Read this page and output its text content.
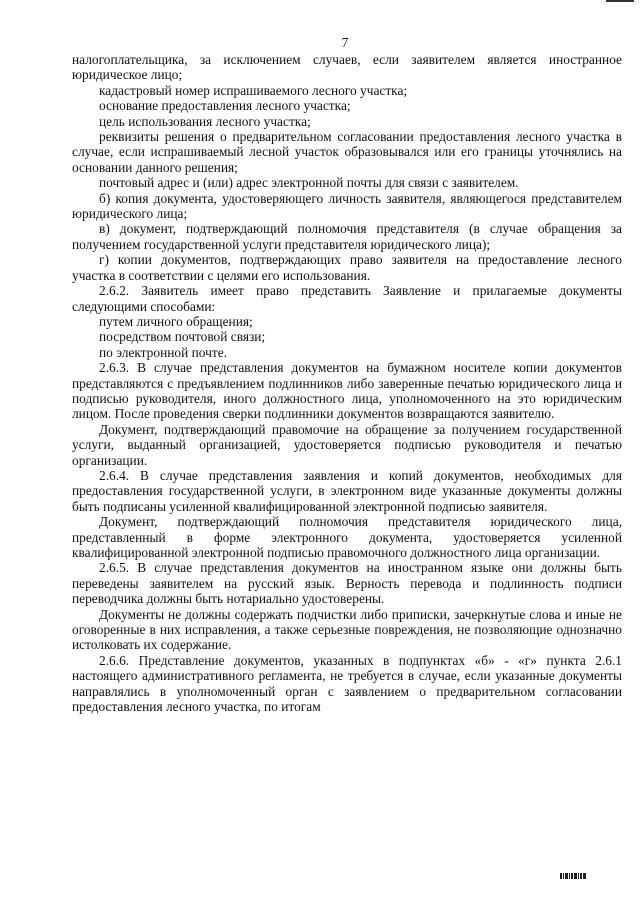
7

налогоплательщика, за исключением случаев, если заявителем является иностранное юридическое лицо;

кадастровый номер испрашиваемого лесного участка;

основание предоставления лесного участка;

цель использования лесного участка;

реквизиты решения о предварительном согласовании предоставления лесного участка в случае, если испрашиваемый лесной участок образовывался или его границы уточнялись на основании данного решения;

почтовый адрес и (или) адрес электронной почты для связи с заявителем.

б) копия документа, удостоверяющего личность заявителя, являющегося представителем юридического лица;

в) документ, подтверждающий полномочия представителя (в случае обращения за получением государственной услуги представителя юридического лица);

г) копии документов, подтверждающих право заявителя на предоставление лесного участка в соответствии с целями его использования.

2.6.2. Заявитель имеет право представить Заявление и прилагаемые документы следующими способами:

путем личного обращения;

посредством почтовой связи;

по электронной почте.

2.6.3. В случае представления документов на бумажном носителе копии документов представляются с предъявлением подлинников либо заверенные печатью юридического лица и подписью руководителя, иного должностного лица, уполномоченного на это юридическим лицом. После проведения сверки подлинники документов возвращаются заявителю.

Документ, подтверждающий правомочие на обращение за получением государственной услуги, выданный организацией, удостоверяется подписью руководителя и печатью организации.

2.6.4. В случае представления заявления и копий документов, необходимых для предоставления государственной услуги, в электронном виде указанные документы должны быть подписаны усиленной квалифицированной электронной подписью заявителя.

Документ, подтверждающий полномочия представителя юридического лица, представленный в форме электронного документа, удостоверяется усиленной квалифицированной электронной подписью правомочного должностного лица организации.

2.6.5. В случае представления документов на иностранном языке они должны быть переведены заявителем на русский язык. Верность перевода и подлинность подписи переводчика должны быть нотариально удостоверены.

Документы не должны содержать подчистки либо приписки, зачеркнутые слова и иные не оговоренные в них исправления, а также серьезные повреждения, не позволяющие однозначно истолковать их содержание.

2.6.6. Представление документов, указанных в подпунктах «б» - «г» пункта 2.6.1 настоящего административного регламента, не требуется в случае, если указанные документы направлялись в уполномоченный орган с заявлением о предварительном согласовании предоставления лесного участка, по итогам
